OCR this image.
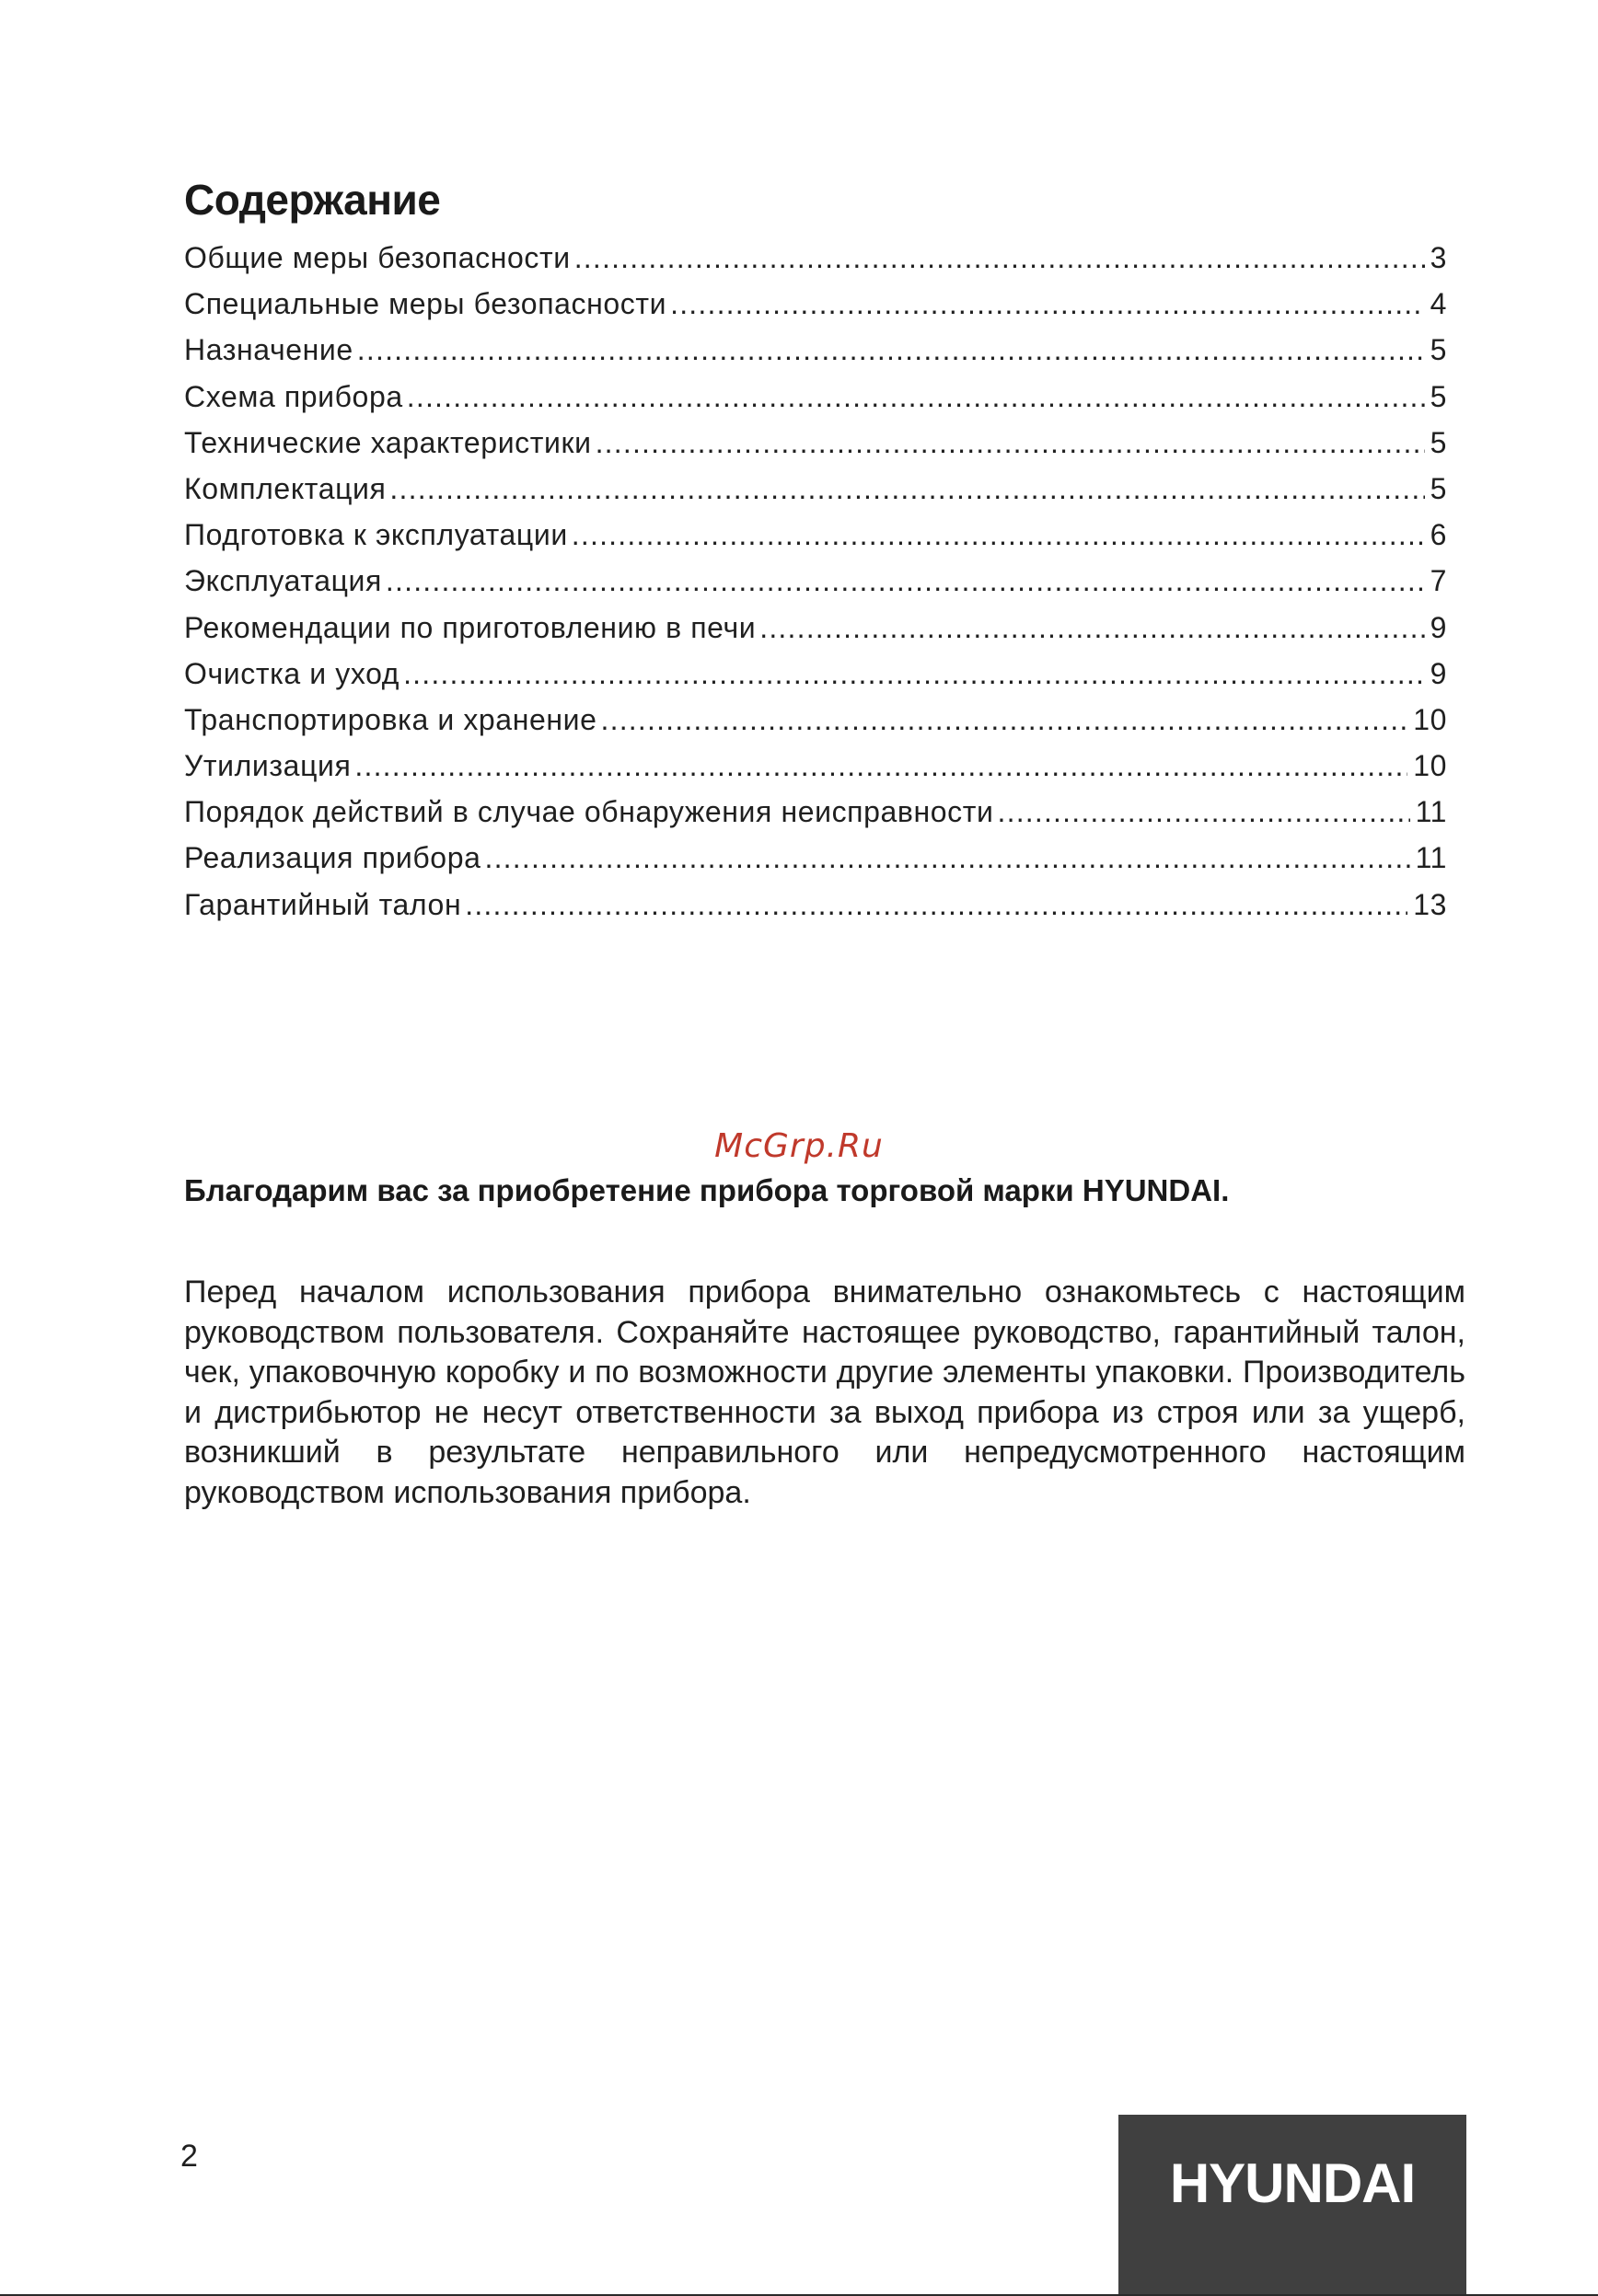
Содержание
Общие меры безопасности .....	3
Специальные меры безопасности .....	4
Назначение .....	5
Схема прибора .....	5
Технические характеристики .....	5
Комплектация .....	5
Подготовка к эксплуатации .....	6
Эксплуатация .....	7
Рекомендации по приготовлению в печи .....	9
Очистка и уход .....	9
Транспортировка и хранение .....	10
Утилизация .....	10
Порядок действий в случае обнаружения неисправности .....	11
Реализация прибора .....	11
Гарантийный талон .....	13
McGrp.Ru
Благодарим вас за приобретение прибора торговой марки HYUNDAI.
Перед началом использования прибора внимательно ознакомьтесь с настоящим руководством пользователя. Сохраняйте настоящее руководство, гарантийный талон, чек, упаковочную коробку и по возможности другие элементы упаковки. Производитель и дистрибьютор не несут ответственности за выход прибора из строя или за ущерб, возникший в результате неправильного или непредусмотренного настоящим руководством использования прибора.
2	HYUNDAI
